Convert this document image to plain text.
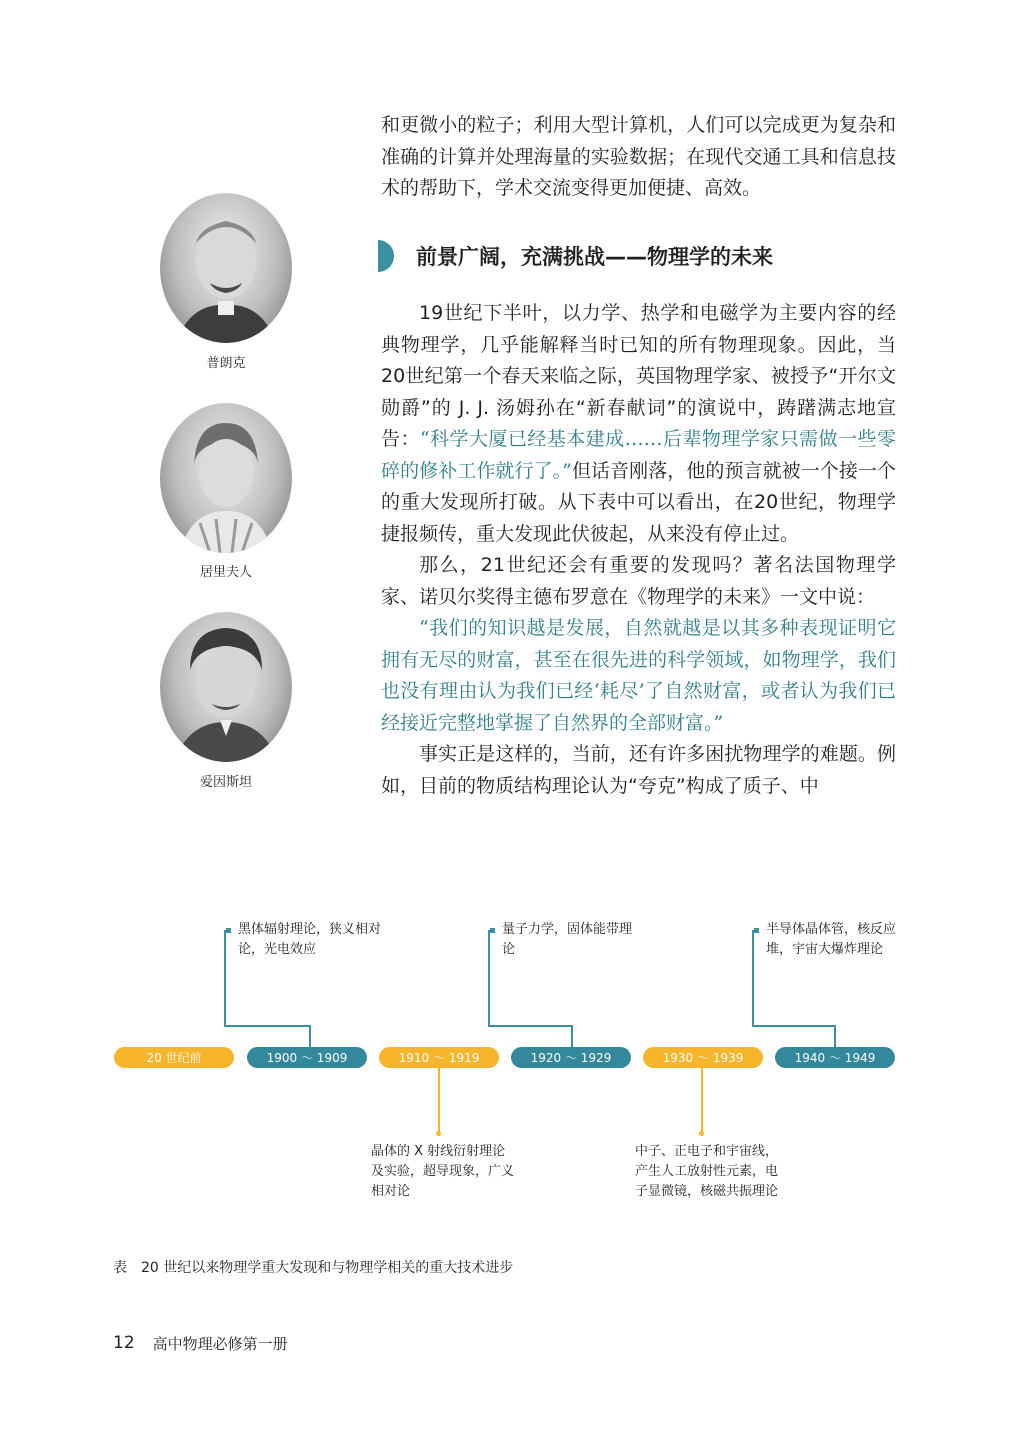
和更微小的粒子；利用大型计算机，人们可以完成更为复杂和准确的计算并处理海量的实验数据；在现代交通工具和信息技术的帮助下，学术交流变得更加便捷、高效。

前景广阔，充满挑战——物理学的未来

19世纪下半叶，以力学、热学和电磁学为主要内容的经典物理学，几乎能解释当时已知的所有物理现象。因此，当20世纪第一个春天来临之际，英国物理学家、被授予“开尔文勋爵”的 J. J. 汤姆孙在“新春献词”的演说中，踌躇满志地宣告：“科学大厦已经基本建成……后辈物理学家只需做一些零碎的修补工作就行了。”但话音刚落，他的预言就被一个接一个的重大发现所打破。从下表中可以看出，在20世纪，物理学捷报频传，重大发现此伏彼起，从来没有停止过。

那么，21世纪还会有重要的发现吗？著名法国物理学家、诺贝尔奖得主德布罗意在《物理学的未来》一文中说：

“我们的知识越是发展，自然就越是以其多种表现证明它拥有无尽的财富，甚至在很先进的科学领域，如物理学，我们也没有理由认为我们已经‘耗尽’了自然财富，或者认为我们已经接近完整地掌握了自然界的全部财富。”

事实正是这样的，当前，还有许多困扰物理学的难题。例如，目前的物质结构理论认为“夸克”构成了质子、中

普朗克
居里夫人
爱因斯坦
20 世纪前	1900 ～ 1909	1910 ～ 1919	1920 ～ 1929	1930 ～ 1939	1940 ～ 1949
黑体辐射理论，狭义相对论，光电效应
量子力学，固体能带理论
半导体晶体管，核反应堆，宇宙大爆炸理论
晶体的 X 射线衍射理论及实验，超导现象，广义相对论
中子、正电子和宇宙线，产生人工放射性元素，电子显微镜，核磁共振理论
表　20 世纪以来物理学重大发现和与物理学相关的重大技术进步
12 高中物理必修第一册
